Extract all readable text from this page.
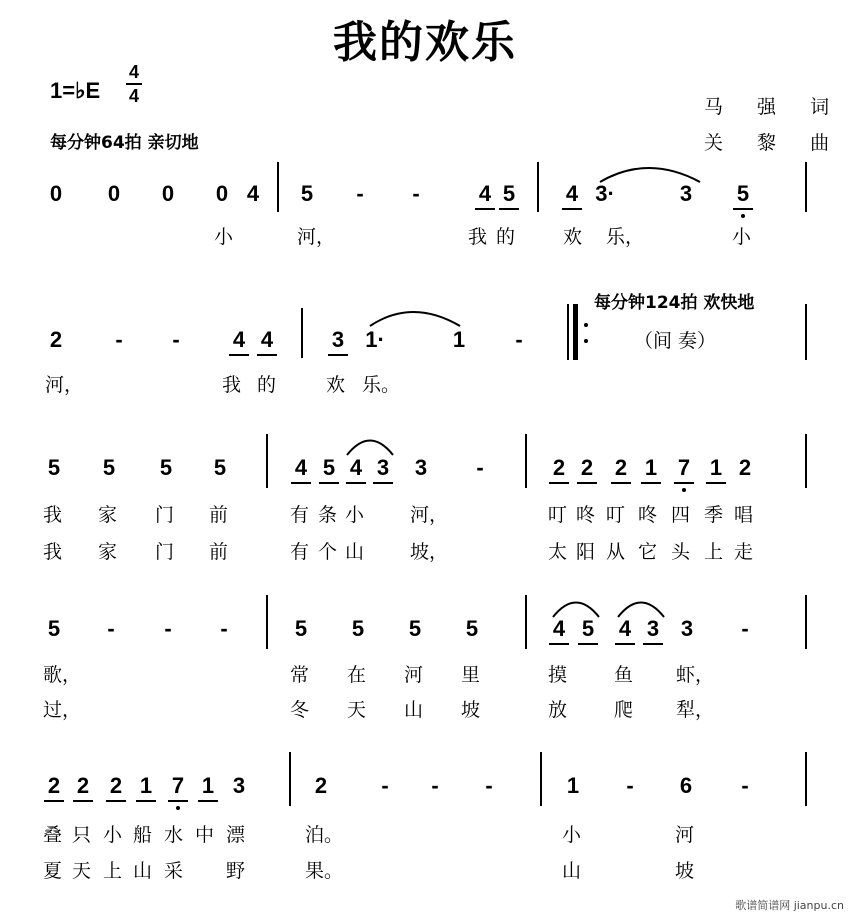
我的欢乐
1=♭E
4
4	马 强 词
关 黎 曲
每分钟64拍 亲切地
0 0 0 0 4 5	-	-	4 5 4 3·	3 5
小	河，	我 的	欢 乐，	小
每分钟124拍 欢快地
2	-	-	4 4	3 1·	1	-	（间 奏）
河，	我 的	欢 乐。
5 5 5 5	4 5 4 3 3	-	2 2 2 1 7 1 2
我 家 门 前	有 条 小 河，	叮 咚 叮 咚 四 季 唱
我 家 门 前	有 个 山 坡，	太 阳 从 它 头 上 走
5	-	-	-	5 5 5 5	4 5 4 3 3	-
歌，	常 在 河 里	摸 鱼 虾，
过，	冬 天 山 坡	放 爬 犁，
2 2 2 1 7 1 3	2	-	-	-	1	-	6	-
叠 只 小 船 水 中 漂	泊。	小	河
夏 天 上 山 采 野	果。	山	坡
歌谱简谱网 jianpu.cn
